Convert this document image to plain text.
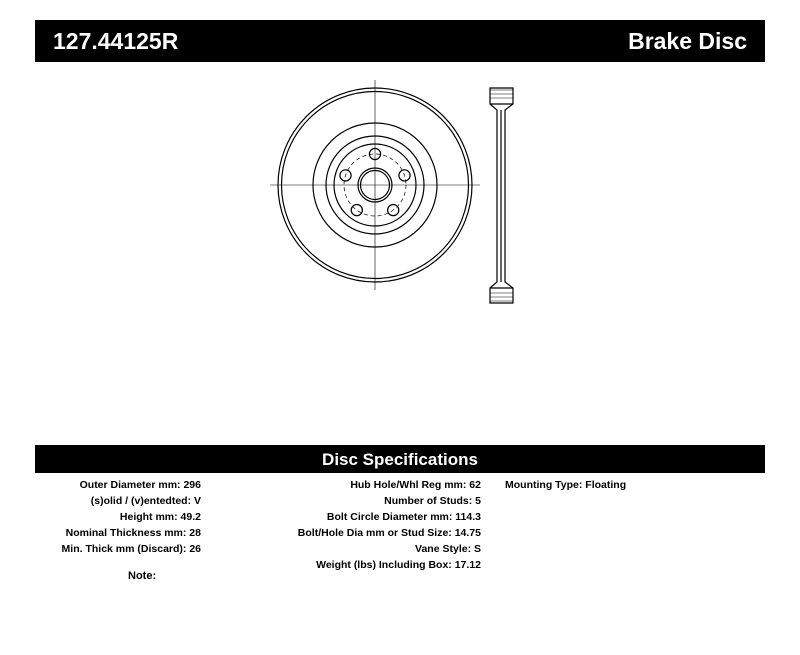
127.44125R	Brake Disc
Disc Specifications
Outer Diameter mm: 296
(s)olid / (v)entedted: V
Height mm: 49.2
Nominal Thickness mm: 28
Min. Thick mm (Discard): 26
Hub Hole/Whl Reg mm: 62
Number of Studs: 5
Bolt Circle Diameter mm: 114.3
Bolt/Hole Dia mm or Stud Size: 14.75
Vane Style: S
Weight (lbs) Including Box: 17.12
Mounting Type: Floating
Note:
